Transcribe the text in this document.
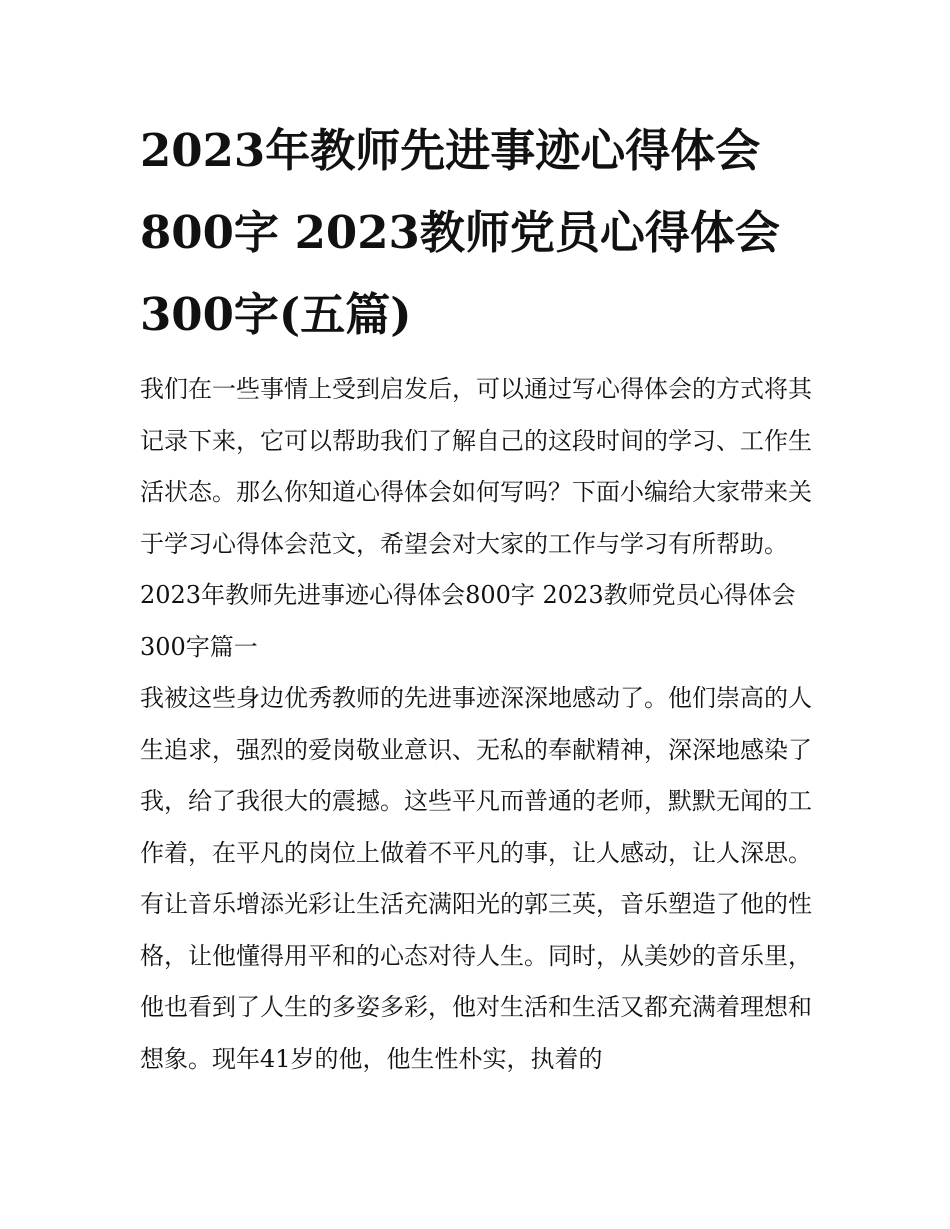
2023年教师先进事迹心得体会800字 2023教师党员心得体会300字(五篇)

我们在一些事情上受到启发后，可以通过写心得体会的方式将其记录下来，它可以帮助我们了解自己的这段时间的学习、工作生活状态。那么你知道心得体会如何写吗？下面小编给大家带来关于学习心得体会范文，希望会对大家的工作与学习有所帮助。

2023年教师先进事迹心得体会800字 2023教师党员心得体会300字篇一

我被这些身边优秀教师的先进事迹深深地感动了。他们崇高的人生追求，强烈的爱岗敬业意识、无私的奉献精神，深深地感染了我，给了我很大的震撼。这些平凡而普通的老师，默默无闻的工作着，在平凡的岗位上做着不平凡的事，让人感动，让人深思。有让音乐增添光彩让生活充满阳光的郭三英，音乐塑造了他的性格，让他懂得用平和的心态对待人生。同时，从美妙的音乐里，他也看到了人生的多姿多彩，他对生活和生活又都充满着理想和想象。现年41岁的他，他生性朴实，执着的
